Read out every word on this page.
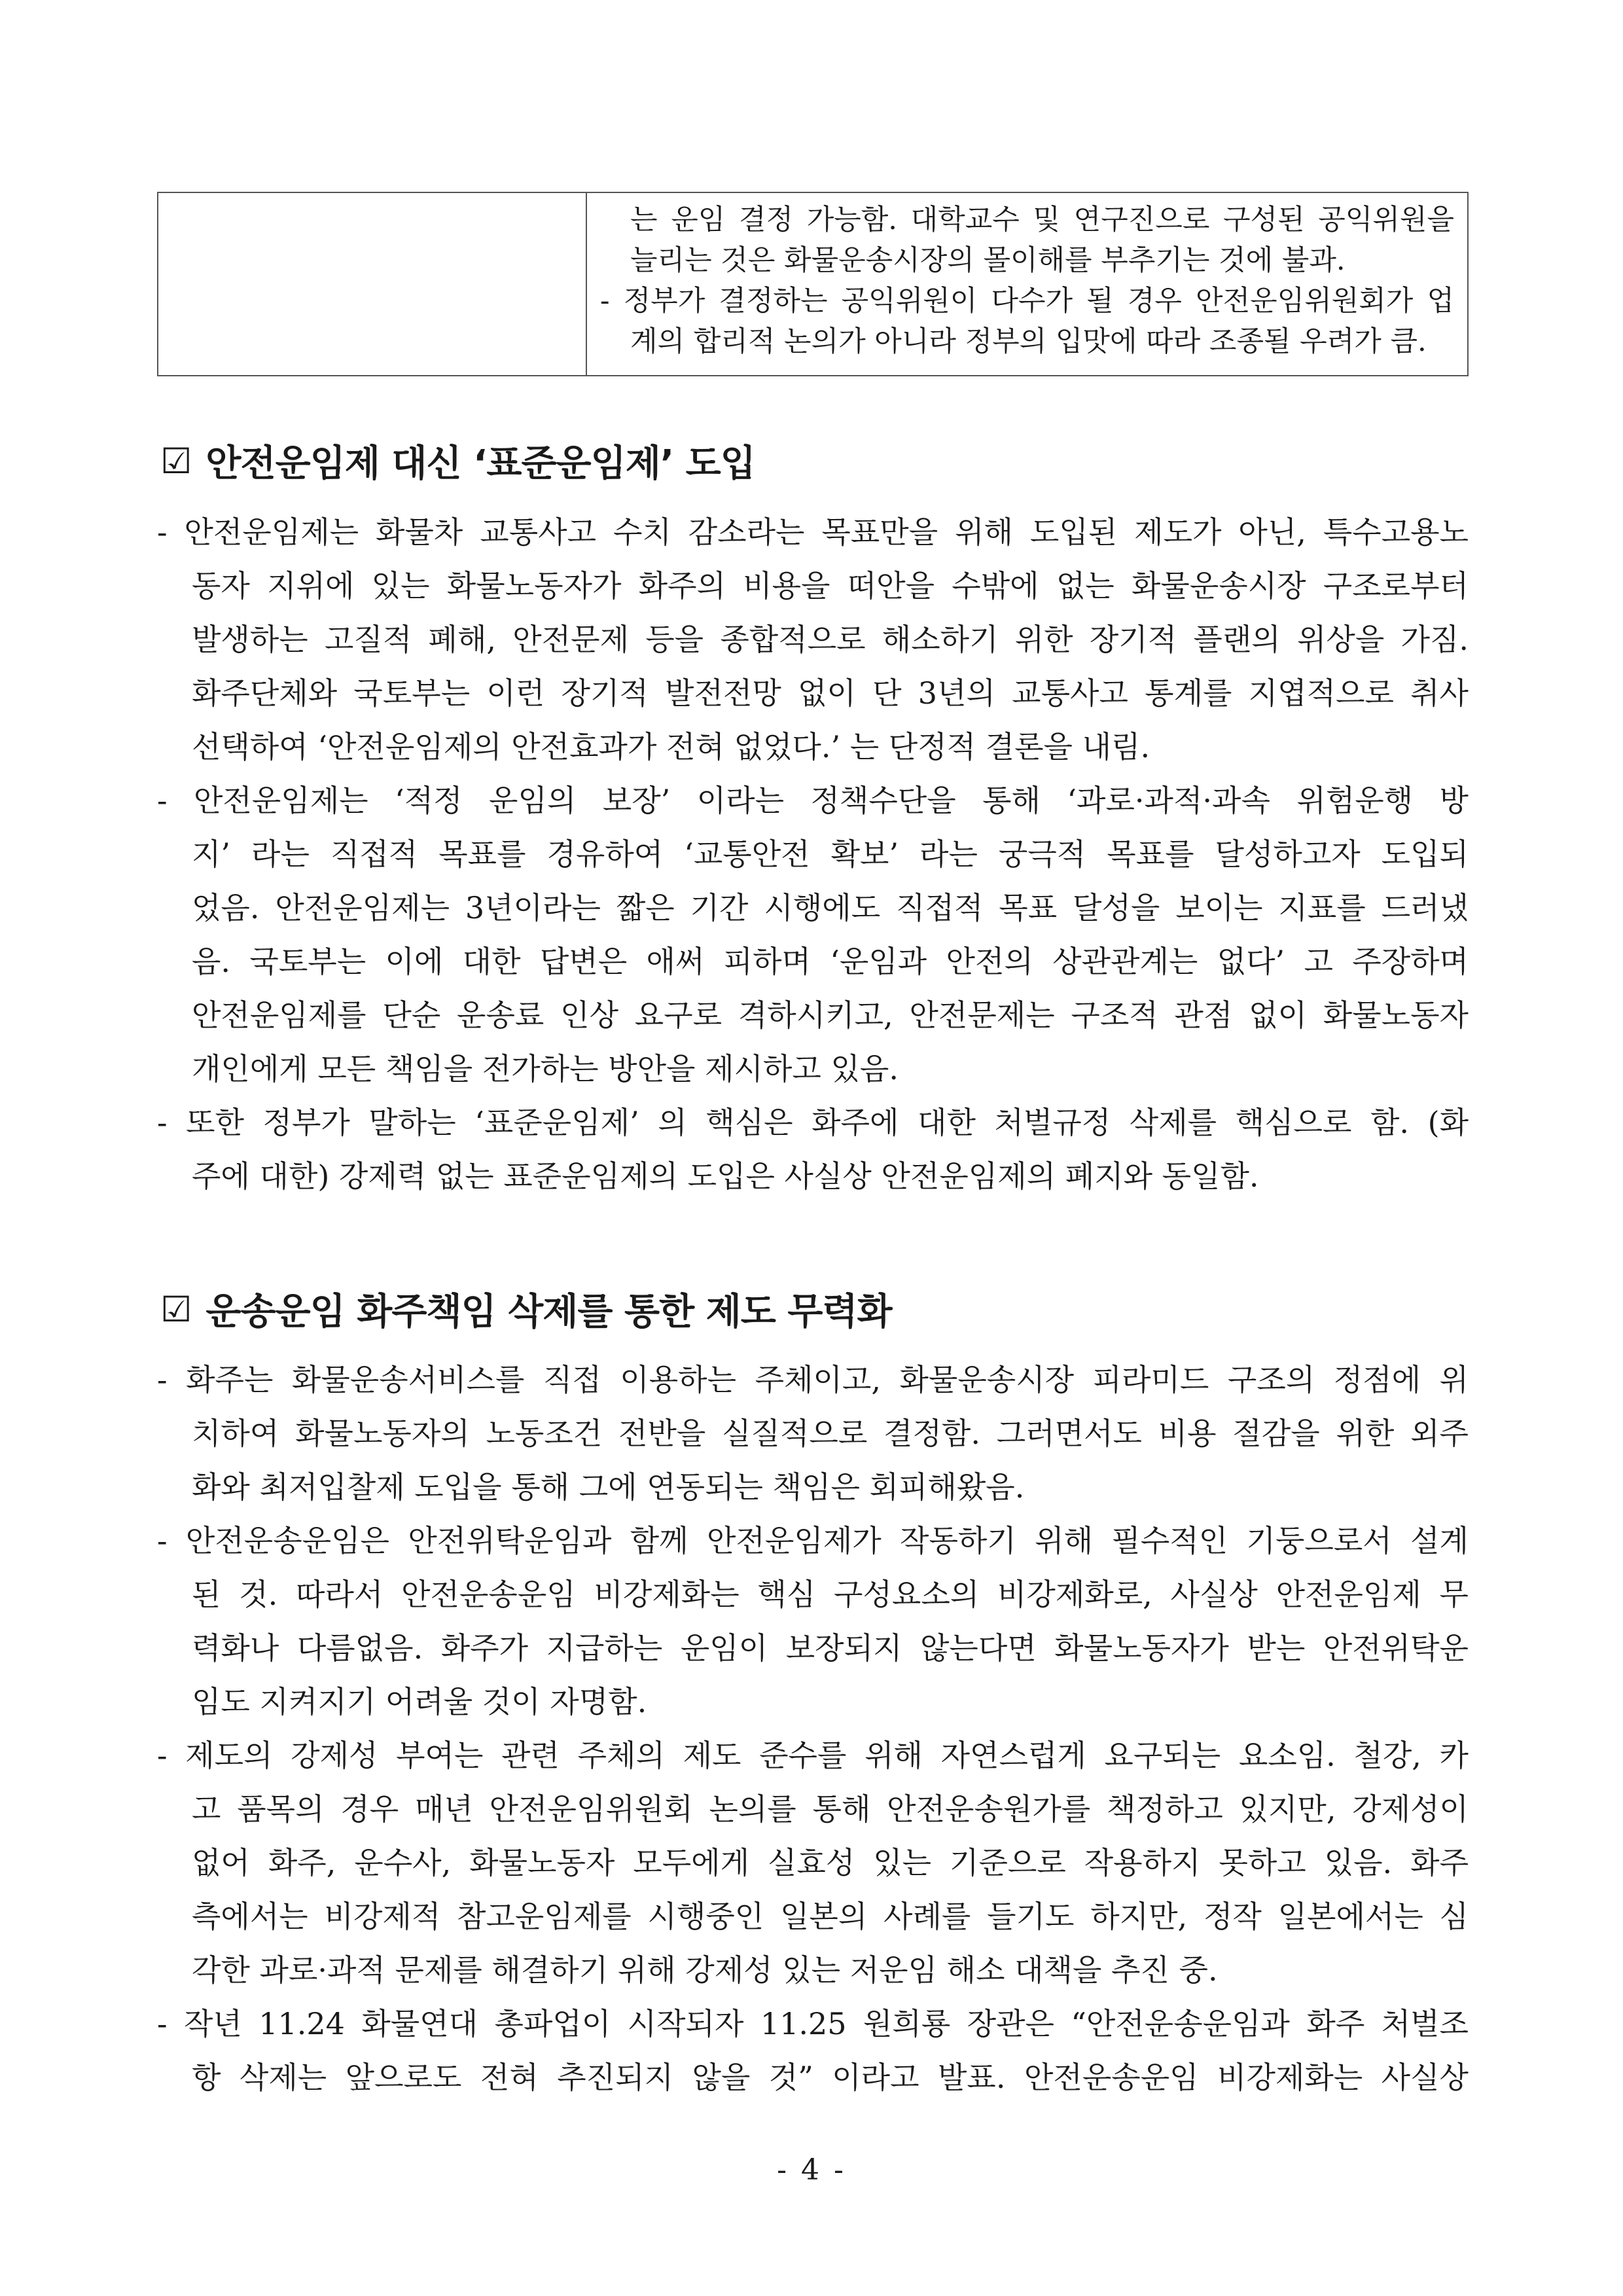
는 운임 결정 가능함. 대학교수 및 연구진으로 구성된 공익위원을
늘리는 것은 화물운송시장의 몰이해를 부추기는 것에 불과.
- 정부가 결정하는 공익위원이 다수가 될 경우 안전운임위원회가 업
계의 합리적 논의가 아니라 정부의 입맛에 따라 조종될 우려가 큼.
☑ 안전운임제 대신 ‘표준운임제’ 도입
- 안전운임제는 화물차 교통사고 수치 감소라는 목표만을 위해 도입된 제도가 아닌, 특수고용노
동자 지위에 있는 화물노동자가 화주의 비용을 떠안을 수밖에 없는 화물운송시장 구조로부터
발생하는 고질적 폐해, 안전문제 등을 종합적으로 해소하기 위한 장기적 플랜의 위상을 가짐.
화주단체와 국토부는 이런 장기적 발전전망 없이 단 3년의 교통사고 통계를 지엽적으로 취사
선택하여 ‘안전운임제의 안전효과가 전혀 없었다.’ 는 단정적 결론을 내림.
- 안전운임제는 ‘적정 운임의 보장’ 이라는 정책수단을 통해 ‘과로·과적·과속 위험운행 방
지’ 라는 직접적 목표를 경유하여 ‘교통안전 확보’ 라는 궁극적 목표를 달성하고자 도입되
었음. 안전운임제는 3년이라는 짧은 기간 시행에도 직접적 목표 달성을 보이는 지표를 드러냈
음. 국토부는 이에 대한 답변은 애써 피하며 ‘운임과 안전의 상관관계는 없다’ 고 주장하며
안전운임제를 단순 운송료 인상 요구로 격하시키고, 안전문제는 구조적 관점 없이 화물노동자
개인에게 모든 책임을 전가하는 방안을 제시하고 있음.
- 또한 정부가 말하는 ‘표준운임제’ 의 핵심은 화주에 대한 처벌규정 삭제를 핵심으로 함. (화
주에 대한) 강제력 없는 표준운임제의 도입은 사실상 안전운임제의 폐지와 동일함.
☑ 운송운임 화주책임 삭제를 통한 제도 무력화
- 화주는 화물운송서비스를 직접 이용하는 주체이고, 화물운송시장 피라미드 구조의 정점에 위
치하여 화물노동자의 노동조건 전반을 실질적으로 결정함. 그러면서도 비용 절감을 위한 외주
화와 최저입찰제 도입을 통해 그에 연동되는 책임은 회피해왔음.
- 안전운송운임은 안전위탁운임과 함께 안전운임제가 작동하기 위해 필수적인 기둥으로서 설계
된 것. 따라서 안전운송운임 비강제화는 핵심 구성요소의 비강제화로, 사실상 안전운임제 무
력화나 다름없음. 화주가 지급하는 운임이 보장되지 않는다면 화물노동자가 받는 안전위탁운
임도 지켜지기 어려울 것이 자명함.
- 제도의 강제성 부여는 관련 주체의 제도 준수를 위해 자연스럽게 요구되는 요소임. 철강, 카
고 품목의 경우 매년 안전운임위원회 논의를 통해 안전운송원가를 책정하고 있지만, 강제성이
없어 화주, 운수사, 화물노동자 모두에게 실효성 있는 기준으로 작용하지 못하고 있음. 화주
측에서는 비강제적 참고운임제를 시행중인 일본의 사례를 들기도 하지만, 정작 일본에서는 심
각한 과로·과적 문제를 해결하기 위해 강제성 있는 저운임 해소 대책을 추진 중.
- 작년 11.24 화물연대 총파업이 시작되자 11.25 원희룡 장관은 “안전운송운임과 화주 처벌조
항 삭제는 앞으로도 전혀 추진되지 않을 것” 이라고 발표. 안전운송운임 비강제화는 사실상
- 4 -
